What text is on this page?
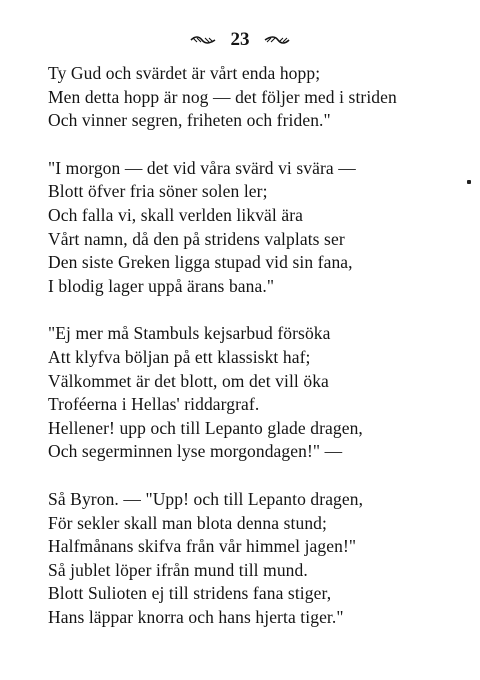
23
Ty Gud och svärdet är vårt enda hopp;
Men detta hopp är nog — det följer med i striden
Och vinner segren, friheten och friden."
"I morgon — det vid våra svärd vi svära —
Blott öfver fria söner solen ler;
Och falla vi, skall verlden likväl ära
Vårt namn, då den på stridens valplats ser
Den siste Greken ligga stupad vid sin fana,
I blodig lager uppå ärans bana."
"Ej mer må Stambuls kejsarbud försöka
Att klyfva böljan på ett klassiskt haf;
Välkommet är det blott, om det vill öka
Troféerna i Hellas' riddargraf.
Hellener! upp och till Lepanto glade dragen,
Och segerminnen lyse morgondagen!" —
Så Byron. — "Upp! och till Lepanto dragen,
För sekler skall man blota denna stund;
Halfmånans skifva från vår himmel jagen!"
Så jublet löper ifrån mund till mund.
Blott Sulioten ej till stridens fana stiger,
Hans läppar knorra och hans hjerta tiger."
